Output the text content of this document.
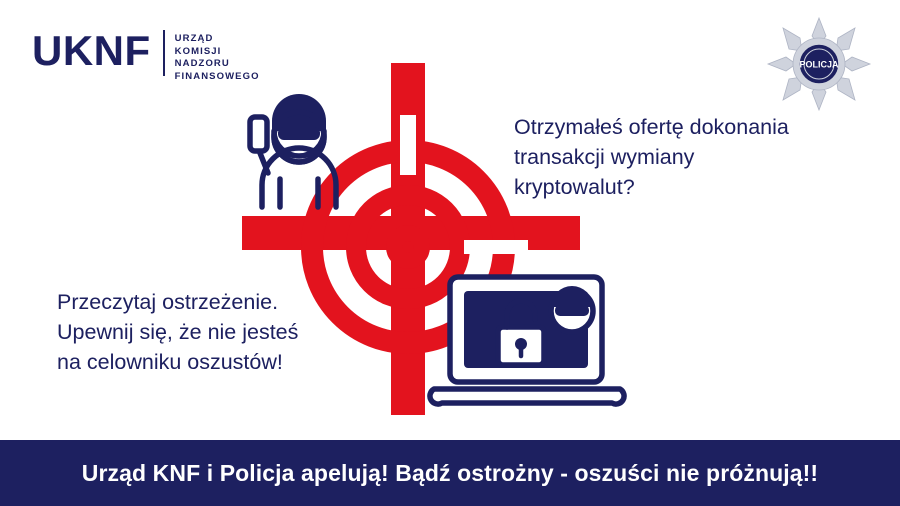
UKNF	URZĄD
KOMISJI
NADZORU
FINANSOWEGO
POLICJA
Otrzymałeś ofertę dokonania
transakcji wymiany
kryptowalut?
Przeczytaj ostrzeżenie.
Upewnij się, że nie jesteś
na celowniku oszustów!
Urząd KNF i Policja apelują! Bądź ostrożny - oszuści nie próżnują!!
